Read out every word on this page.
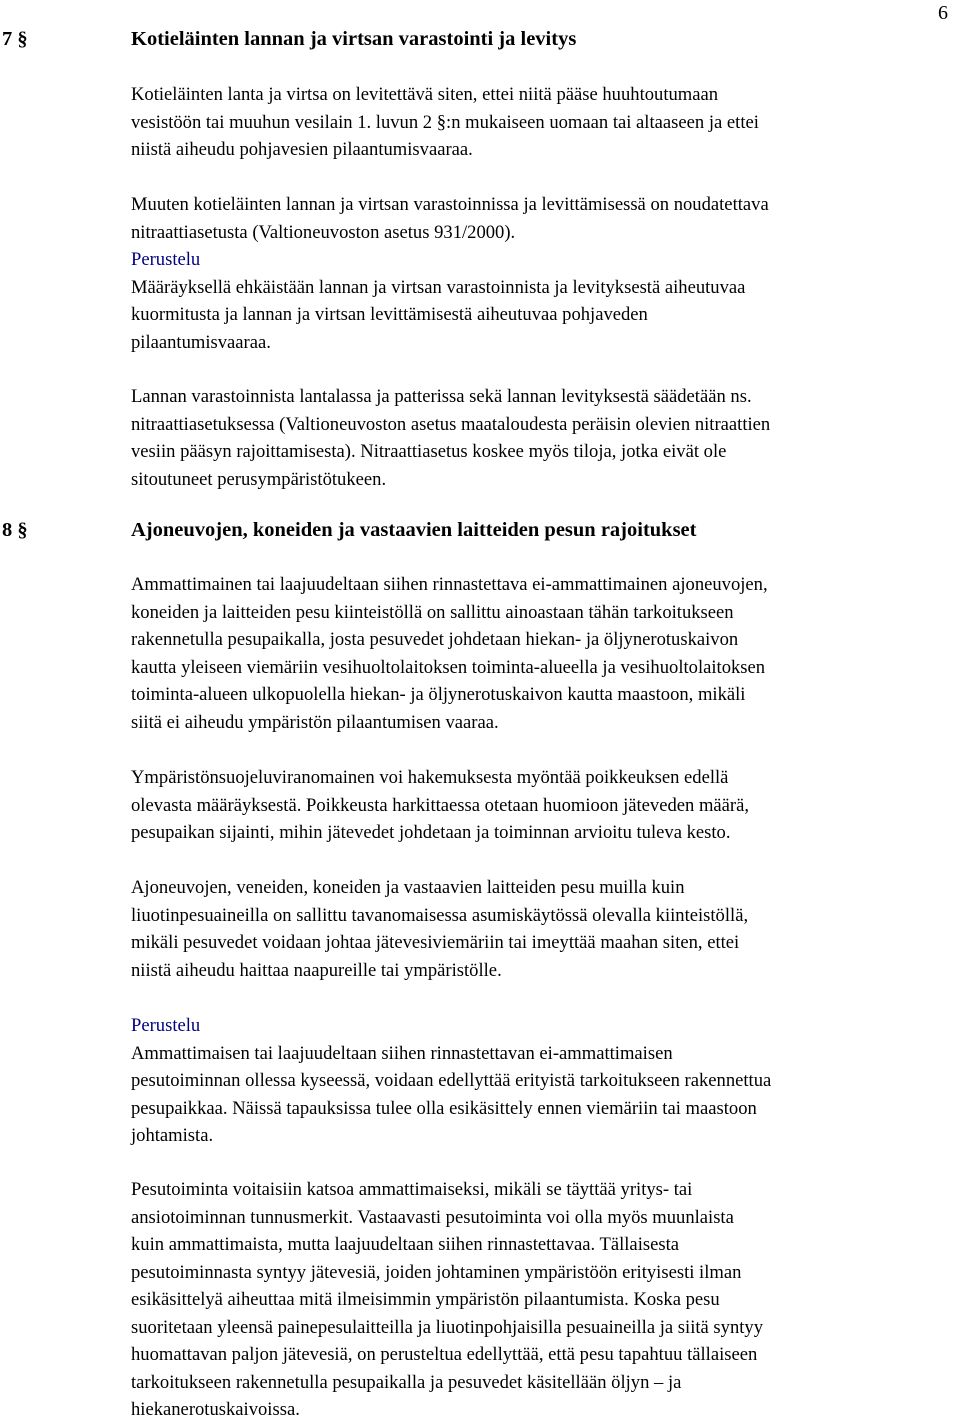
6
7 §	Kotieläinten lannan ja virtsan varastointi ja levitys
Kotieläinten lanta ja virtsa on levitettävä siten, ettei niitä pääse huuhtoutumaan
vesistöön tai muuhun vesilain 1. luvun 2 §:n mukaiseen uomaan tai altaaseen ja ettei
niistä aiheudu pohjavesien pilaantumisvaaraa.
Muuten kotieläinten lannan ja virtsan varastoinnissa ja levittämisessä on noudatettava
nitraattiasetusta (Valtioneuvoston asetus 931/2000).
Perustelu
Määräyksellä ehkäistään lannan ja virtsan varastoinnista ja levityksestä aiheutuvaa
kuormitusta ja lannan ja virtsan levittämisestä aiheutuvaa pohjaveden
pilaantumisvaaraa.
Lannan varastoinnista lantalassa ja patterissa sekä lannan levityksestä säädetään ns.
nitraattiasetuksessa (Valtioneuvoston asetus maataloudesta peräisin olevien nitraattien
vesiin pääsyn rajoittamisesta). Nitraattiasetus koskee myös tiloja, jotka eivät ole
sitoutuneet perusympäristötukeen.
8 §	Ajoneuvojen, koneiden ja vastaavien laitteiden pesun rajoitukset
Ammattimainen tai laajuudeltaan siihen rinnastettava ei-ammattimainen ajoneuvojen,
koneiden ja laitteiden pesu kiinteistöllä on sallittu ainoastaan tähän tarkoitukseen
rakennetulla pesupaikalla, josta pesuvedet johdetaan hiekan- ja öljynerotuskaivon
kautta yleiseen viemäriin vesihuoltolaitoksen toiminta-alueella ja vesihuoltolaitoksen
toiminta-alueen ulkopuolella hiekan- ja öljynerotuskaivon kautta maastoon, mikäli
siitä ei aiheudu ympäristön pilaantumisen vaaraa.
Ympäristönsuojeluviranomainen voi hakemuksesta myöntää poikkeuksen edellä
olevasta määräyksestä. Poikkeusta harkittaessa otetaan huomioon jäteveden määrä,
pesupaikan sijainti, mihin jätevedet johdetaan ja toiminnan arvioitu tuleva kesto.
Ajoneuvojen, veneiden, koneiden ja vastaavien laitteiden pesu muilla kuin
liuotinpesuaineilla on sallittu tavanomaisessa asumiskäytössä olevalla kiinteistöllä,
mikäli pesuvedet voidaan johtaa jätevesiviemäriin tai imeyttää maahan siten, ettei
niistä aiheudu haittaa naapureille tai ympäristölle.
Perustelu
Ammattimaisen tai laajuudeltaan siihen rinnastettavan ei-ammattimaisen
pesutoiminnan ollessa kyseessä, voidaan edellyttää erityistä tarkoitukseen rakennettua
pesupaikkaa. Näissä tapauksissa tulee olla esikäsittely ennen viemäriin tai maastoon
johtamista.
Pesutoiminta voitaisiin katsoa ammattimaiseksi, mikäli se täyttää yritys- tai
ansiotoiminnan tunnusmerkit. Vastaavasti pesutoiminta voi olla myös muunlaista
kuin ammattimaista, mutta laajuudeltaan siihen rinnastettavaa. Tällaisesta
pesutoiminnasta syntyy jätevesiä, joiden johtaminen ympäristöön erityisesti ilman
esikäsittelyä aiheuttaa mitä ilmeisimmin ympäristön pilaantumista. Koska pesu
suoritetaan yleensä painepesulaitteilla ja liuotinpohjaisilla pesuaineilla ja siitä syntyy
huomattavan paljon jätevesiä, on perusteltua edellyttää, että pesu tapahtuu tällaiseen
tarkoitukseen rakennetulla pesupaikalla ja pesuvedet käsitellään öljyn – ja
hiekanerotuskaivoissa.
